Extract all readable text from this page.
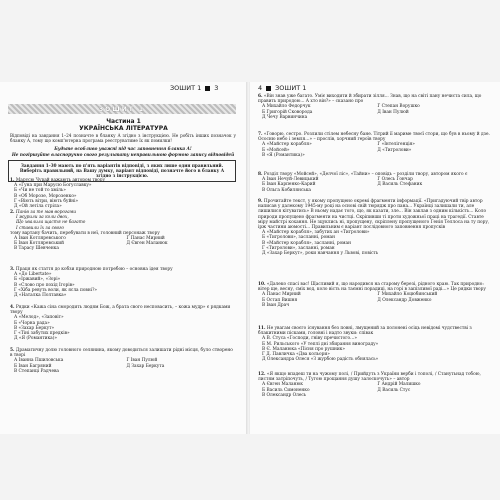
ЗОШИТ 1 3
ЗОШИТ 1
Частина 1
УКРАЇНСЬКА ЛІТЕРАТУРА
Відповіді на завдання 1–24 позначте в бланку А згідно з інструкцією. Не робіть інших позначок у бланку А, тому що комп'ютерна програма реєструватиме їх як помилки!
Будьте особливо уважні під час заповнення бланка А!
Не погіршуйте власноручно свого результату неправильною формою запису відповідей
Завдання 1–30 мають по п'ять варіантів відповіді, з яких лише один правильний. Виберіть правильний, на Вашу думку, варіант відповіді, позначте його в бланку А згідно з інструкцією.
1. Марусю Чурай важають автором твору
А «Ґуна при Марусю Богуславку»
Б «Чи не той то хміль»
В «Об Морозе, Морозенко»
Г «Віють вітри, віють буйні»
Д «Ой летіла стріла»
2. Панів за те мав ворогами
І журили за коли двох,
Що хвалила щастя не багато
І ставили їх за свого
тому вартану бачить, перебувати в неї, головний персонаж твору
А Іван Котляревського	Г Панас Мирний
Б Іван Котляревський	Д Євген Маланюк
В Тарасу Шевченка
3. Праця як стаття до кобзи природною потребою – основна ідея твору
А «До Libertate»
Б «Іржавий», «Зорі»
В «Слово про похід Ігорів»
Г «Хіба ревуть воли, як ясла повні?»
Д «Наталка Полтавка»
4. Рядки «Кажа сіна смородить людям Бож, а брата свого несповасить, – кожа мудр» є рядками твору
А «Мелод», «Заповіт»
Б «Чорна рада»
В «Захар Беркут»
Г «Тіні забутих предків»
Д «Я (Романтика)»
5. Драматичну долю головного селянина, якому доводиться залишати рідні місця, було створено в творі
А Іванна Пшиловська	Г Іван Пулюй
Б Іван Багряний	Д Захар Беркута
В Степанці Радчева
4 ЗОШИТ 1
6. «Він знав уже багато. Уміє виходити й збирати зілля... Знав, що на світі пану нечиста сила, що править природою... А хто він?» – сказано про
А Михайло Федорчук	Г Степан Ворушко
Б Григорій Сковорода	Д Іван Пулюй
Д Чечу Варвинчина
7. «Говорю, сестро. Розлили стілем небесну бане. Тітрий її мариме твоєї стори, що був в ньому й дзе. Ососню небо і земля…» – прослів, хорчний героїв твору
А «Майстер корабля»	Г «Інтелігенція»
Б «Мойсей»	Д «Тигролови»
В «Я (Романтика)»
8. Розділ твору «Мойсей», «Делчої ліс», «Тайни» – оповідь – розділи твору, автором якого є
А Іван Нечуй-Левицький	Г Олесь Гончар
Б Іван Карпенко-Карий	Д Василь Стефаник
В Ольга Кобилянська
9. Прочитайте текст, у якому пропущено окремі фрагменти інформації. «Пригадуючий твір автор написав у далекому 1945-му році на основі свій тюрядж про пана... Українці залишали ти, але лишилися кітуватись» В ньому надає того, що, як казати, зле... Він заклав з одним кількість... Коло природи пропущено фрагменти на чистці. Скріпивши ті проти художньої праці на трагедії. Ставте міру майстрі кохання. Не зцуклись ні, пропущену, скріплену пропущеного Генія Теллоса на ту пору, ірж частини аюмості... Правильним є варіант послідовного заповнення пропусків
А «Майстер корабля», забутих ан «Тигролови»
Б «Тигролови», засланні, роман
В «Майстер корабля», засланні, роман
Г «Тигролови», засланні, роман
Д «Захар Беркут», роки навчання у Львові, повість
10. «Далеко спасі вас! Щасливий я, що народився на старому березі, рідного краю. Так природно: вітер ще, весну, сміх вод, коло вість на таємні порадиці, на горі в запізливої раді...» Це рядки твору
А Панас Мирний	Г Михайло Коцюбинський
Б Остап Вишня	Д Олександр Довженко
В Іван Драч
11. Не увагам своєго існування без повні, лмущений за полонені осіць невідомі чудствестві з блакитними пісками, головні і надто звуки: співак
А В. Стуса «Господи, гніву пречистого…»
Б М. Рильського «У теплі дні збирання винограду»
В Є. Маланюка «Пісня про рушник»
Г Д. Павличка «Два кольори»
Д Олександра Олеся «З журбою радість обнялась»
12. «Я якщо впадеш ти на чужому полі, / Прийдуть з України верби і тополі, / Станутьнад тобою, листям затріпочуть, / Тугою прощання душу залоскочуть» – автор
А Євген Маланюк	Г Андрій Малишко
Б Василь Симоненко	Д Василь Стус
В Олександр Олесь
